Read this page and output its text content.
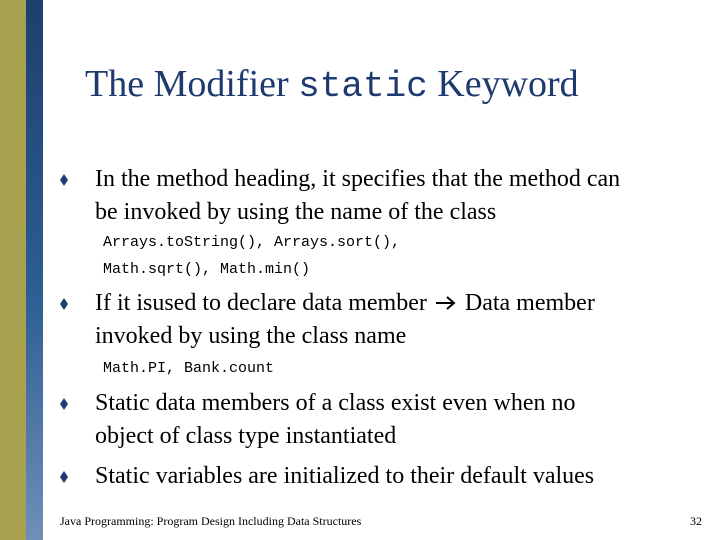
The Modifier static Keyword
In the method heading, it specifies that the method can
be invoked by using the name of the class
Arrays.toString(), Arrays.sort(),
Math.sqrt(), Math.min()
If it isused to declare data member Data member
invoked by using the class name
Math.PI, Bank.count
Static data members of a class exist even when no
object of class type instantiated
Static variables are initialized to their default values
Java Programming: Program Design Including Data Structures	32
